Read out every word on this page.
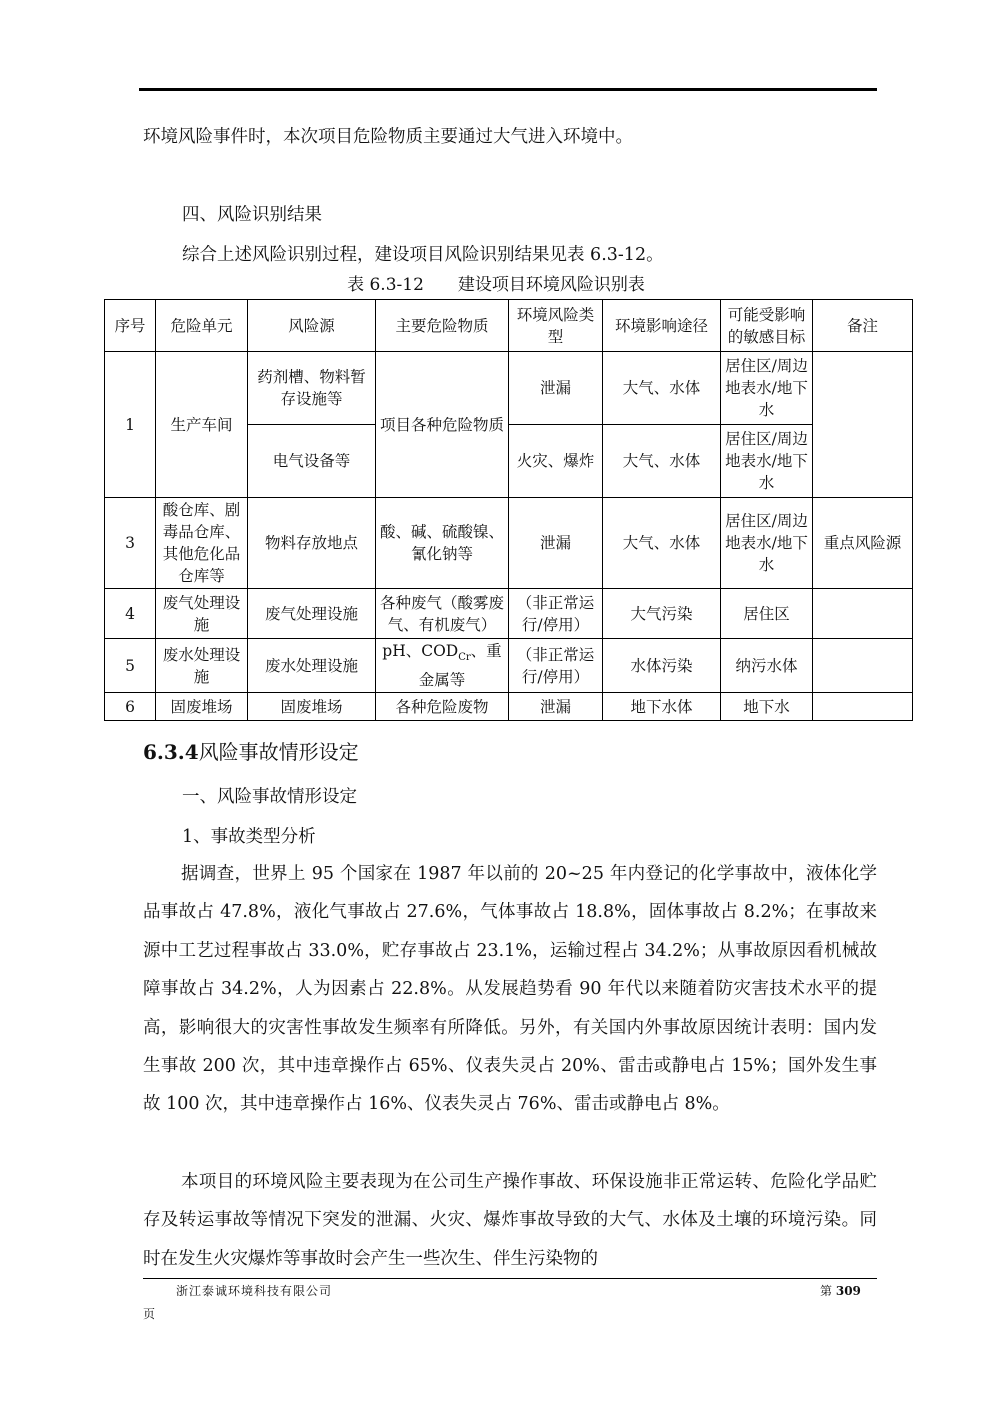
环境风险事件时，本次项目危险物质主要通过大气进入环境中。

四、风险识别结果
综合上述风险识别过程，建设项目风险识别结果见表 6.3-12。
表 6.3-12 建设项目环境风险识别表
序号	危险单元	风险源	主要危险物质	环境风险类型	环境影响途径	可能受影响的敏感目标	备注
1	生产车间	药剂槽、物料暂存设施等	项目各种危险物质	泄漏	大气、水体	居住区/周边地表水/地下水	
		电气设备等		火灾、爆炸	大气、水体	居住区/周边地表水/地下水	
3	酸仓库、剧毒品仓库、其他危化品仓库等	物料存放地点	酸、碱、硫酸镍、氰化钠等	泄漏	大气、水体	居住区/周边地表水/地下水	重点风险源
4	废气处理设施	废气处理设施	各种废气（酸雾废气、有机废气）	（非正常运行/停用）	大气污染	居住区	
5	废水处理设施	废水处理设施	pH、$COD_{Cr}$、重金属等	（非正常运行/停用）	水体污染	纳污水体	
6	固废堆场	固废堆场	各种危险废物	泄漏	地下水体	地下水	
6.3.4风险事故情形设定
一、风险事故情形设定
1、事故类型分析

据调查，世界上 95 个国家在 1987 年以前的 20~25 年内登记的化学事故中，液体化学品事故占 47.8%，液化气事故占 27.6%，气体事故占 18.8%，固体事故占 8.2%；在事故来源中工艺过程事故占 33.0%，贮存事故占 23.1%，运输过程占 34.2%；从事故原因看机械故障事故占 34.2%，人为因素占 22.8%。从发展趋势看 90 年代以来随着防灾害技术水平的提高，影响很大的灾害性事故发生频率有所降低。另外，有关国内外事故原因统计表明：国内发生事故 200 次，其中违章操作占 65%、仪表失灵占 20%、雷击或静电占 15%；国外发生事故 100 次，其中违章操作占 16%、仪表失灵占 76%、雷击或静电占 8%。

本项目的环境风险主要表现为在公司生产操作事故、环保设施非正常运转、危险化学品贮存及转运事故等情况下突发的泄漏、火灾、爆炸事故导致的大气、水体及土壤的环境污染。同时在发生火灾爆炸等事故时会产生一些次生、伴生污染物的

浙江泰诚环境科技有限公司	第 309
页
